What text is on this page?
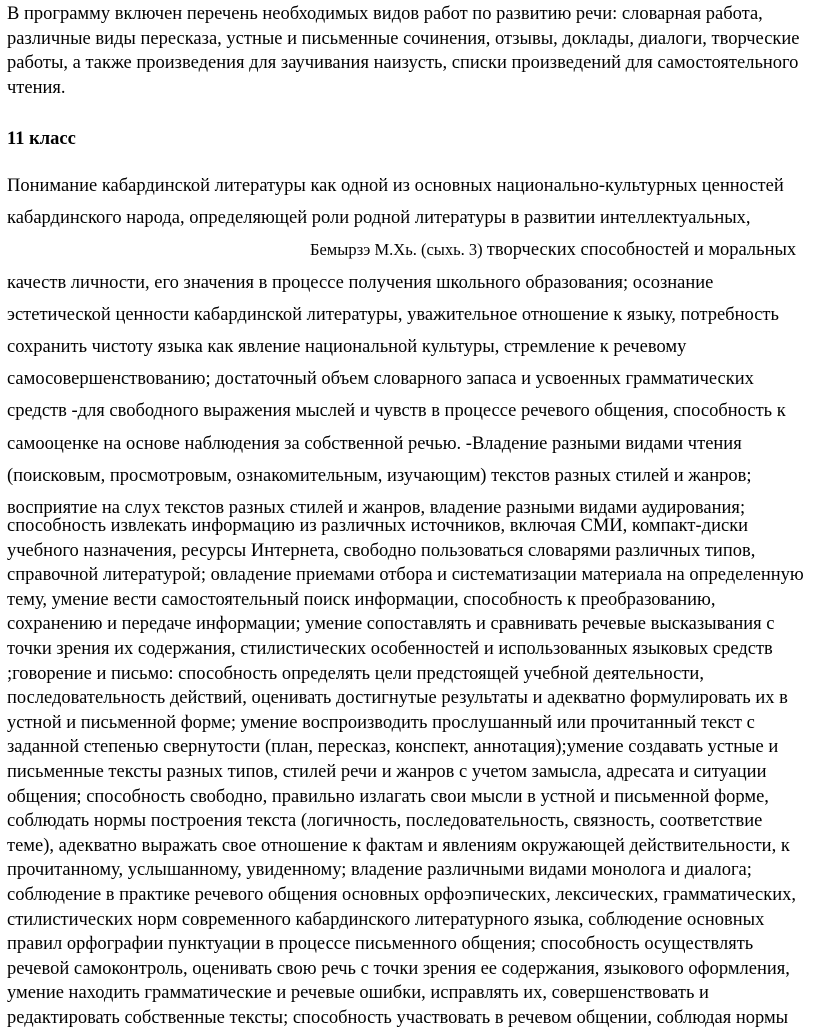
В программу включен перечень необходимых видов работ по развитию речи: словарная работа,
различные виды пересказа, устные и письменные сочинения, отзывы, доклады, диалоги, творческие
работы, а также произведения для заучивания наизусть, списки произведений для самостоятельного
чтения.
11 класс
Понимание кабардинской литературы как одной из основных национально-культурных ценностей
кабардинского народа, определяющей роли родной литературы в развитии интеллектуальных,
Бемырзэ М.Хь. (сыхь. 3) творческих способностей и моральных
качеств личности, его значения в процессе получения школьного образования; осознание
эстетической ценности кабардинской литературы, уважительное отношение к языку, потребность
сохранить чистоту языка как явление национальной культуры, стремление к речевому
самосовершенствованию; достаточный объем словарного запаса и усвоенных грамматических
средств -для свободного выражения мыслей и чувств в процессе речевого общения, способность к
самооценке на основе наблюдения за собственной речью. -Владение разными видами чтения
(поисковым, просмотровым, ознакомительным, изучающим) текстов разных стилей и жанров;
восприятие на слух текстов разных стилей и жанров, владение разными видами аудирования;
способность извлекать информацию из различных источников, включая СМИ, компакт-диски
учебного назначения, ресурсы Интернета, свободно пользоваться словарями различных типов,
справочной литературой; овладение приемами отбора и систематизации материала на определенную
тему, умение вести самостоятельный поиск информации, способность к преобразованию,
сохранению и передаче информации; умение сопоставлять и сравнивать речевые высказывания с
точки зрения их содержания, стилистических особенностей и использованных языковых средств
;говорение и письмо: способность определять цели предстоящей учебной деятельности,
последовательность действий, оценивать достигнутые результаты и адекватно формулировать их в
устной и письменной форме; умение воспроизводить прослушанный или прочитанный текст с
заданной степенью свернутости (план, пересказ, конспект, аннотация);умение создавать устные и
письменные тексты разных типов, стилей речи и жанров с учетом замысла, адресата и ситуации
общения; способность свободно, правильно излагать свои мысли в устной и письменной форме,
соблюдать нормы построения текста (логичность, последовательность, связность, соответствие
теме), адекватно выражать свое отношение к фактам и явлениям окружающей действительности, к
прочитанному, услышанному, увиденному; владение различными видами монолога и диалога;
соблюдение в практике речевого общения основных орфоэпических, лексических, грамматических,
стилистических норм современного кабардинского литературного языка, соблюдение основных
правил орфографии пунктуации в процессе письменного общения; способность осуществлять
речевой самоконтроль, оценивать свою речь с точки зрения ее содержания, языкового оформления,
умение находить грамматические и речевые ошибки, исправлять их, совершенствовать и
редактировать собственные тексты; способность участвовать в речевом общении, соблюдая нормы
